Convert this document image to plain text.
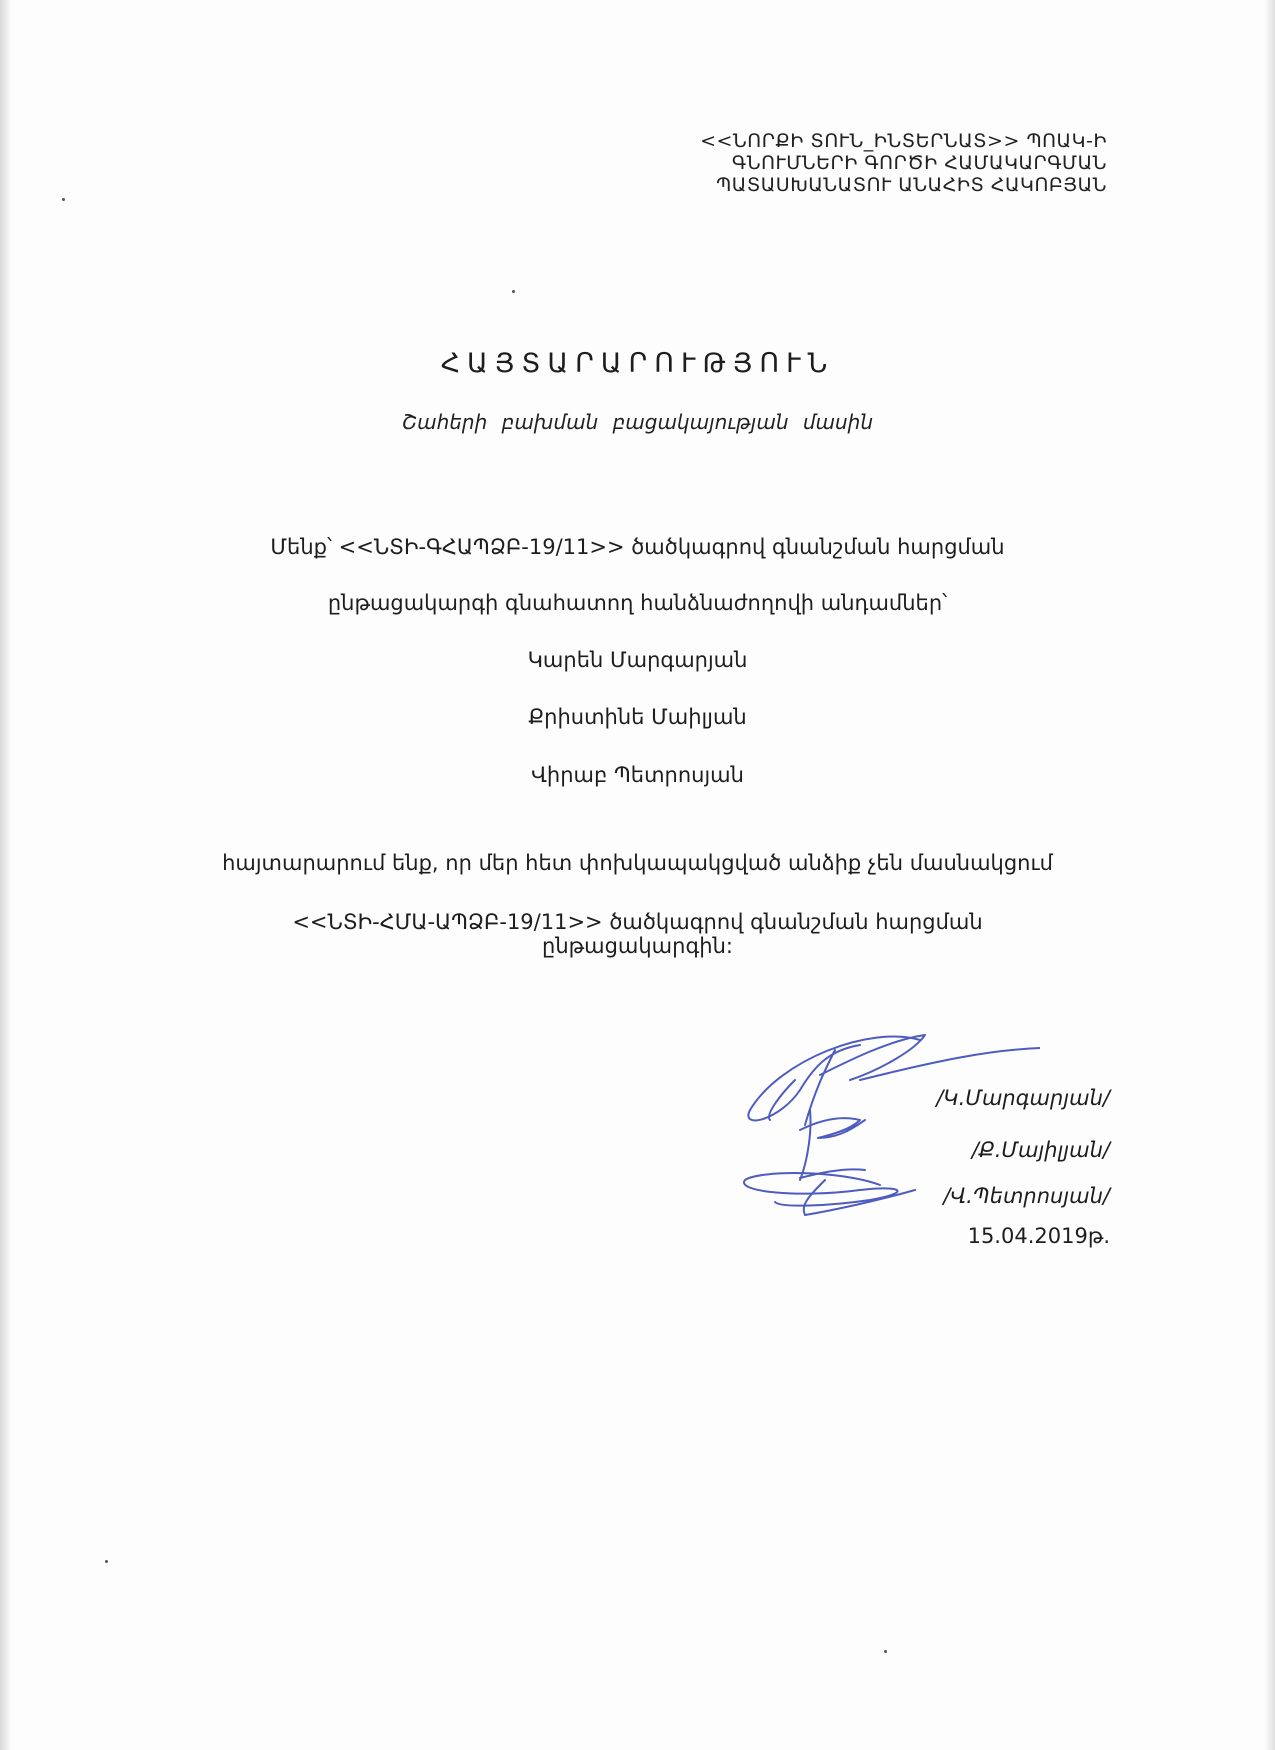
<<ՆՈՐՔԻ ՏՈՒՆ_ԻՆՏԵՐՆԱՏ>> ՊՈԱԿ-Ի
ԳՆՈՒՄՆԵՐԻ ԳՈՐԾԻ ՀԱՄԱԿԱՐԳՄԱՆ
ՊԱՏԱՍԽԱՆԱՏՈՒ ԱՆԱՀԻՏ ՀԱԿՈԲՅԱՆ
ՀԱՅՏԱՐԱՐՈՒԹՅՈՒՆ
Շահերի բախման բացակայության մասին
Մենք՝ <<ՆՏԻ-ԳՀԱՊՁԲ-19/11>> ծածկագրով գնանշման հարցման
ընթացակարգի գնահատող հանձնաժողովի անդամներ՝
Կարեն Մարգարյան
Քրիստինե Մաիլյան
Վիրաբ Պետրոսյան
հայտարարում ենք, որ մեր հետ փոխկապակցված անձիք չեն մասնակցում
<<ՆՏԻ-ՀՄԱ-ԱՊՁԲ-19/11>> ծածկագրով գնանշման հարցման
ընթացակարգին:
/Կ.Մարգարյան/
/Ք.Մայիլյան/
/Վ.Պետրոսյան/
15.04.2019թ.
